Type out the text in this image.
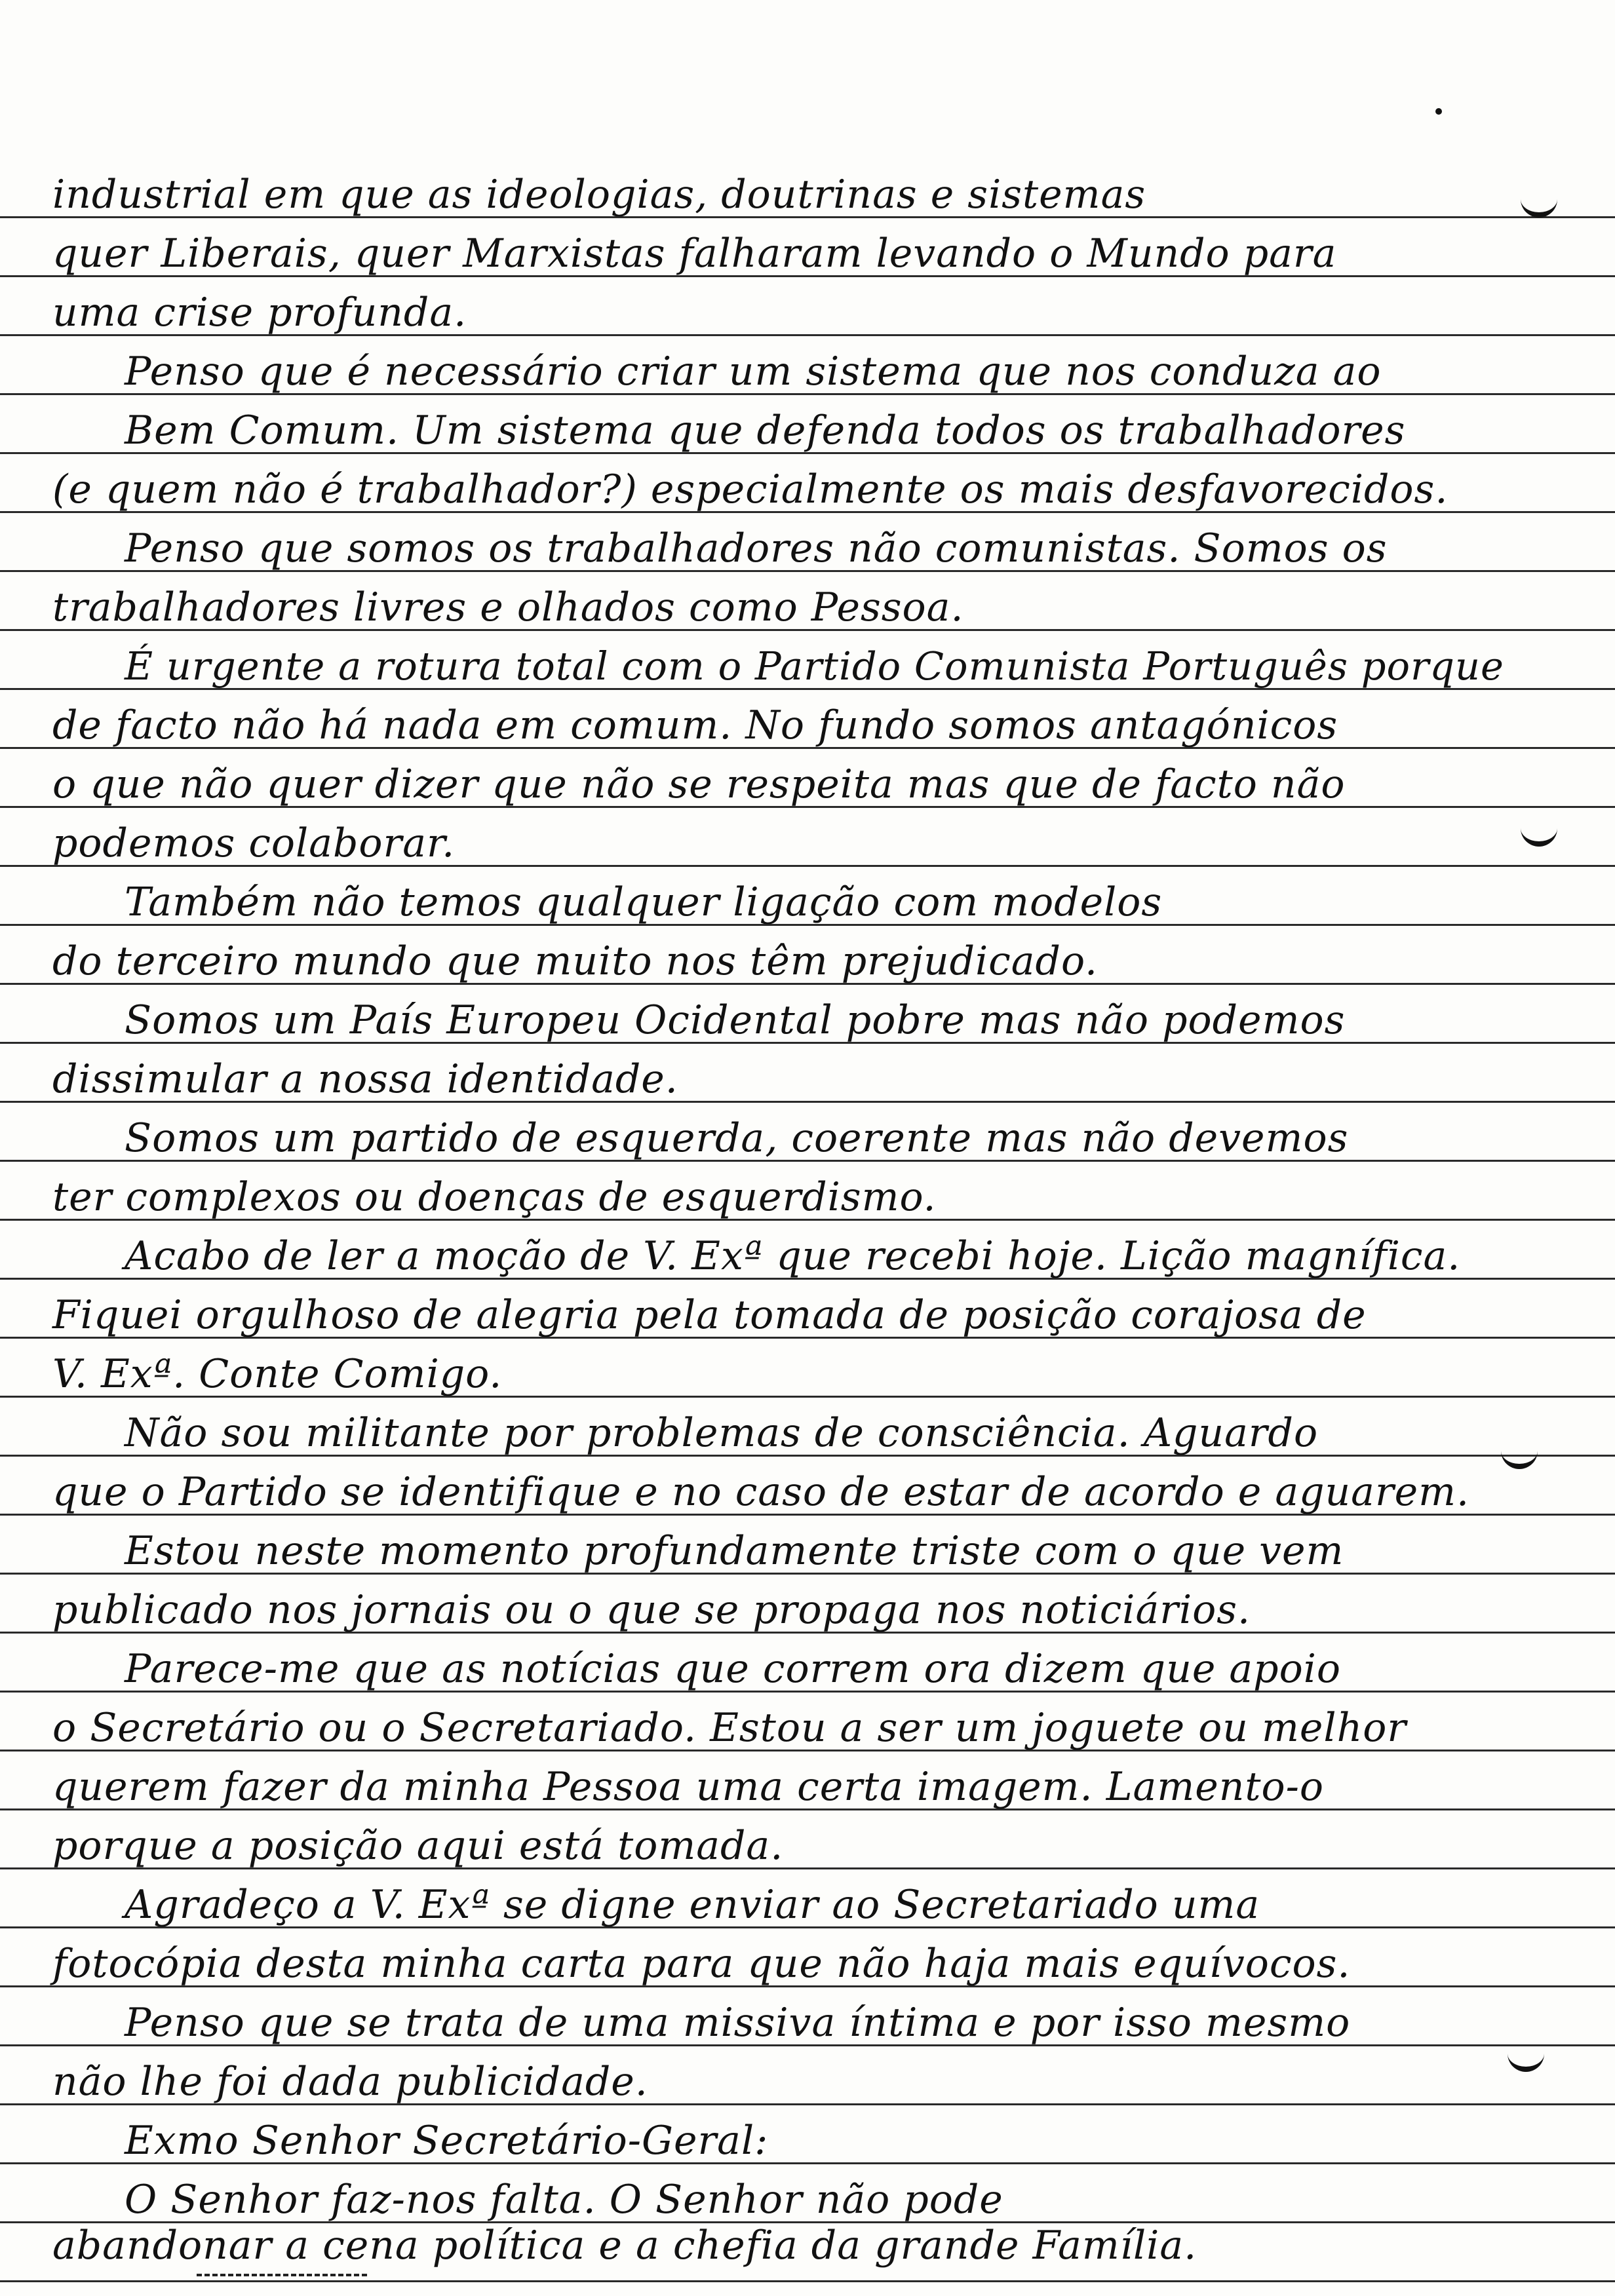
industrial em que as ideologias, doutrinas e sistemas
quer Liberais, quer Marxistas falharam levando o Mundo para
uma crise profunda.
Penso que é necessário criar um sistema que nos conduza ao
Bem Comum. Um sistema que defenda todos os trabalhadores
(e quem não é trabalhador?) especialmente os mais desfavorecidos.
Penso que somos os trabalhadores não comunistas. Somos os
trabalhadores livres e olhados como Pessoa.
É urgente a rotura total com o Partido Comunista Português porque
de facto não há nada em comum. No fundo somos antagónicos
o que não quer dizer que não se respeita mas que de facto não
podemos colaborar.
Também não temos qualquer ligação com modelos
do terceiro mundo que muito nos têm prejudicado.
Somos um País Europeu Ocidental pobre mas não podemos
dissimular a nossa identidade.
Somos um partido de esquerda, coerente mas não devemos
ter complexos ou doenças de esquerdismo.
Acabo de ler a moção de V. Exª que recebi hoje. Lição magnífica.
Fiquei orgulhoso de alegria pela tomada de posição corajosa de
V. Exª. Conte Comigo.
Não sou militante por problemas de consciência. Aguardo
que o Partido se identifique e no caso de estar de acordo e aguarem.
Estou neste momento profundamente triste com o que vem
publicado nos jornais ou o que se propaga nos noticiários.
Parece-me que as notícias que correm ora dizem que apoio
o Secretário ou o Secretariado. Estou a ser um joguete ou melhor
querem fazer da minha Pessoa uma certa imagem. Lamento-o
porque a posição aqui está tomada.
Agradeço a V. Exª se digne enviar ao Secretariado uma
fotocópia desta minha carta para que não haja mais equívocos.
Penso que se trata de uma missiva íntima e por isso mesmo
não lhe foi dada publicidade.
Exmo Senhor Secretário-Geral:
O Senhor faz-nos falta. O Senhor não pode
abandonar a cena política e a chefia da grande Família.
